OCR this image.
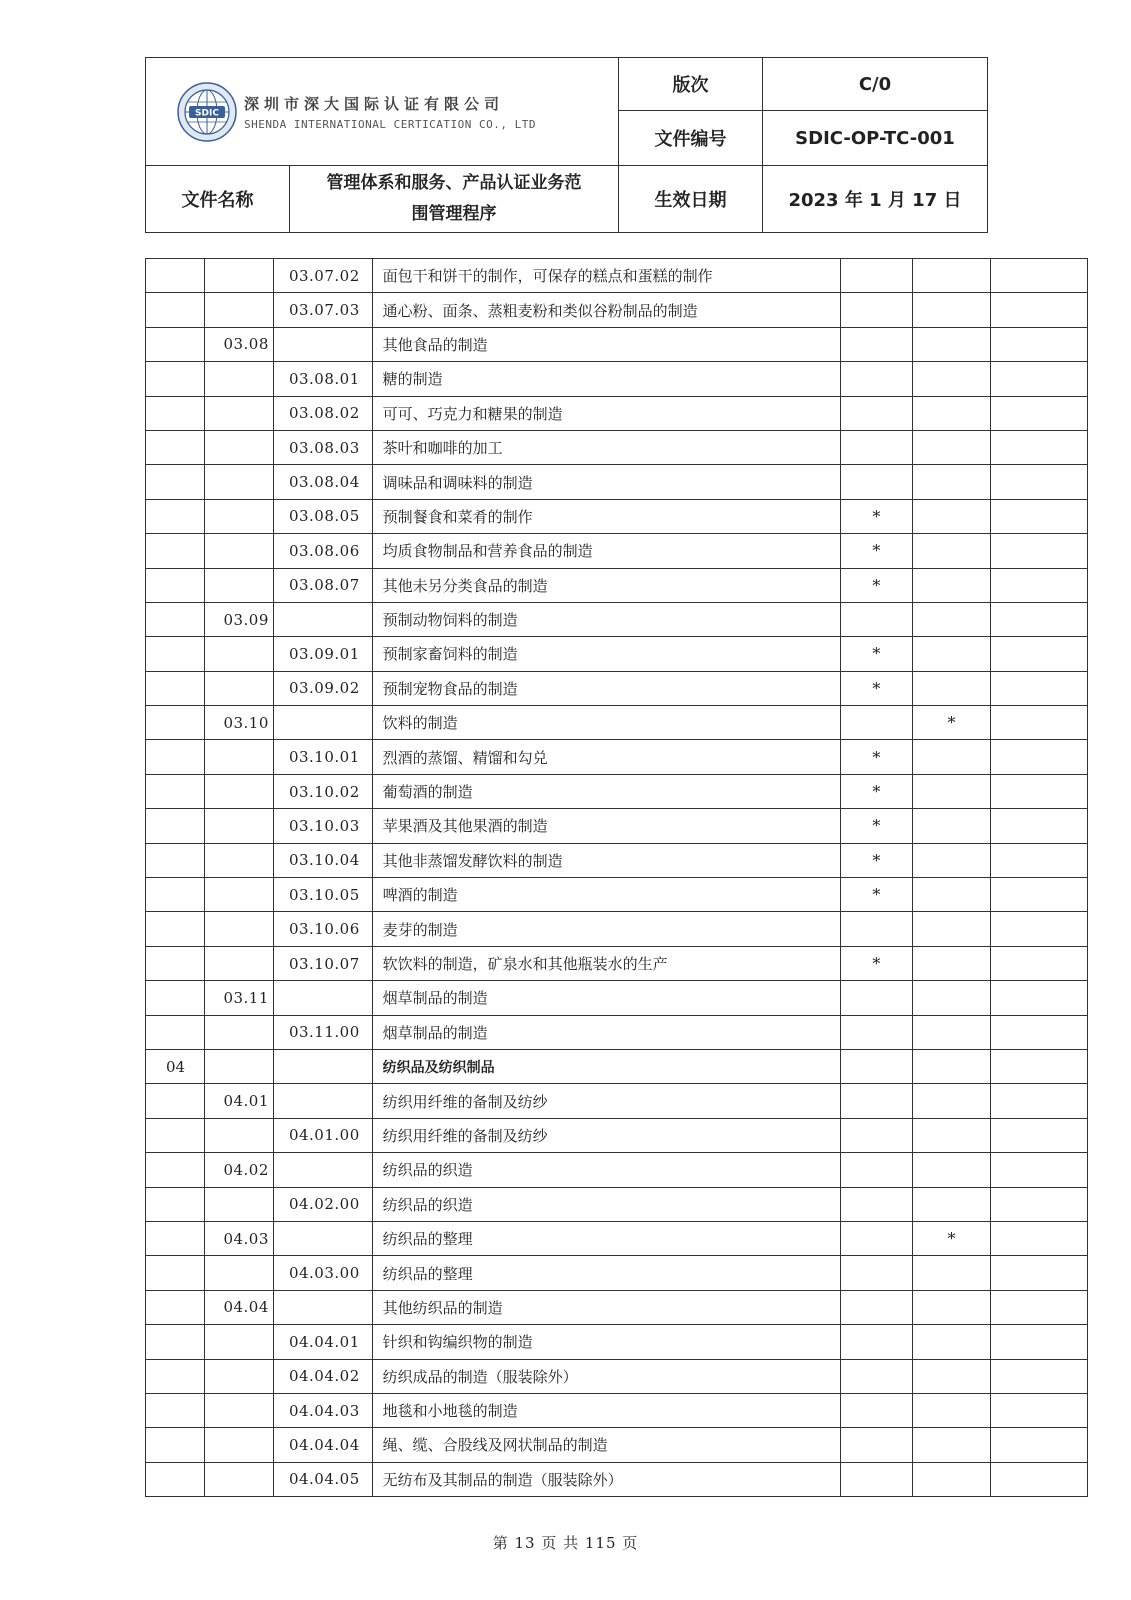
SDIC
深圳市深大国际认证有限公司
SHENDA INTERNATIONAL CERTICATION CO., LTD
版次	C/0
文件编号	SDIC-OP-TC-001
文件名称
管理体系和服务、产品认证业务范
围管理程序
生效日期	2023 年 1 月 17 日
		03.07.02	面包干和饼干的制作，可保存的糕点和蛋糕的制作			
		03.07.03	通心粉、面条、蒸粗麦粉和类似谷粉制品的制造			
	03.08		其他食品的制造			
		03.08.01	糖的制造			
		03.08.02	可可、巧克力和糖果的制造			
		03.08.03	茶叶和咖啡的加工			
		03.08.04	调味品和调味料的制造			
		03.08.05	预制餐食和菜肴的制作	*		
		03.08.06	均质食物制品和营养食品的制造	*		
		03.08.07	其他未另分类食品的制造	*		
	03.09		预制动物饲料的制造			
		03.09.01	预制家畜饲料的制造	*		
		03.09.02	预制宠物食品的制造	*		
	03.10		饮料的制造		*	
		03.10.01	烈酒的蒸馏、精馏和勾兑	*		
		03.10.02	葡萄酒的制造	*		
		03.10.03	苹果酒及其他果酒的制造	*		
		03.10.04	其他非蒸馏发酵饮料的制造	*		
		03.10.05	啤酒的制造	*		
		03.10.06	麦芽的制造			
		03.10.07	软饮料的制造，矿泉水和其他瓶装水的生产	*		
	03.11		烟草制品的制造			
		03.11.00	烟草制品的制造			
04			纺织品及纺织制品			
	04.01		纺织用纤维的备制及纺纱			
		04.01.00	纺织用纤维的备制及纺纱			
	04.02		纺织品的织造			
		04.02.00	纺织品的织造			
	04.03		纺织品的整理		*	
		04.03.00	纺织品的整理			
	04.04		其他纺织品的制造			
		04.04.01	针织和钩编织物的制造			
		04.04.02	纺织成品的制造（服装除外）			
		04.04.03	地毯和小地毯的制造			
		04.04.04	绳、缆、合股线及网状制品的制造			
		04.04.05	无纺布及其制品的制造（服装除外）			
第 13 页 共 115 页
